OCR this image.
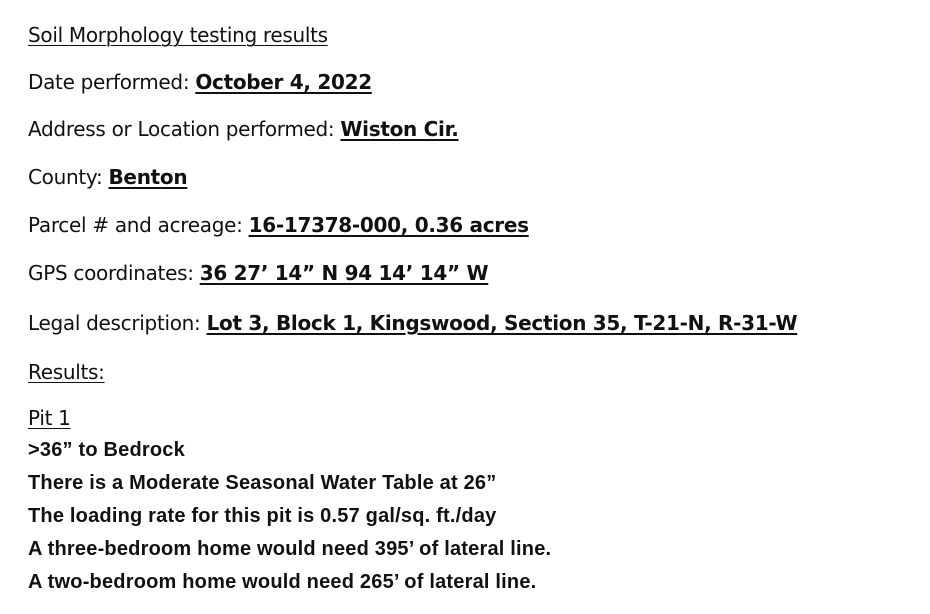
Soil Morphology testing results
Date performed: October 4, 2022
Address or Location performed: Wiston Cir.
County: Benton
Parcel # and acreage: 16-17378-000, 0.36 acres
GPS coordinates: 36 27’ 14” N 94 14’ 14” W
Legal description: Lot 3, Block 1, Kingswood, Section 35, T-21-N, R-31-W
Results:
Pit 1
>36” to Bedrock
There is a Moderate Seasonal Water Table at 26”
The loading rate for this pit is 0.57 gal/sq. ft./day
A three-bedroom home would need 395’ of lateral line.
A two-bedroom home would need 265’ of lateral line.
